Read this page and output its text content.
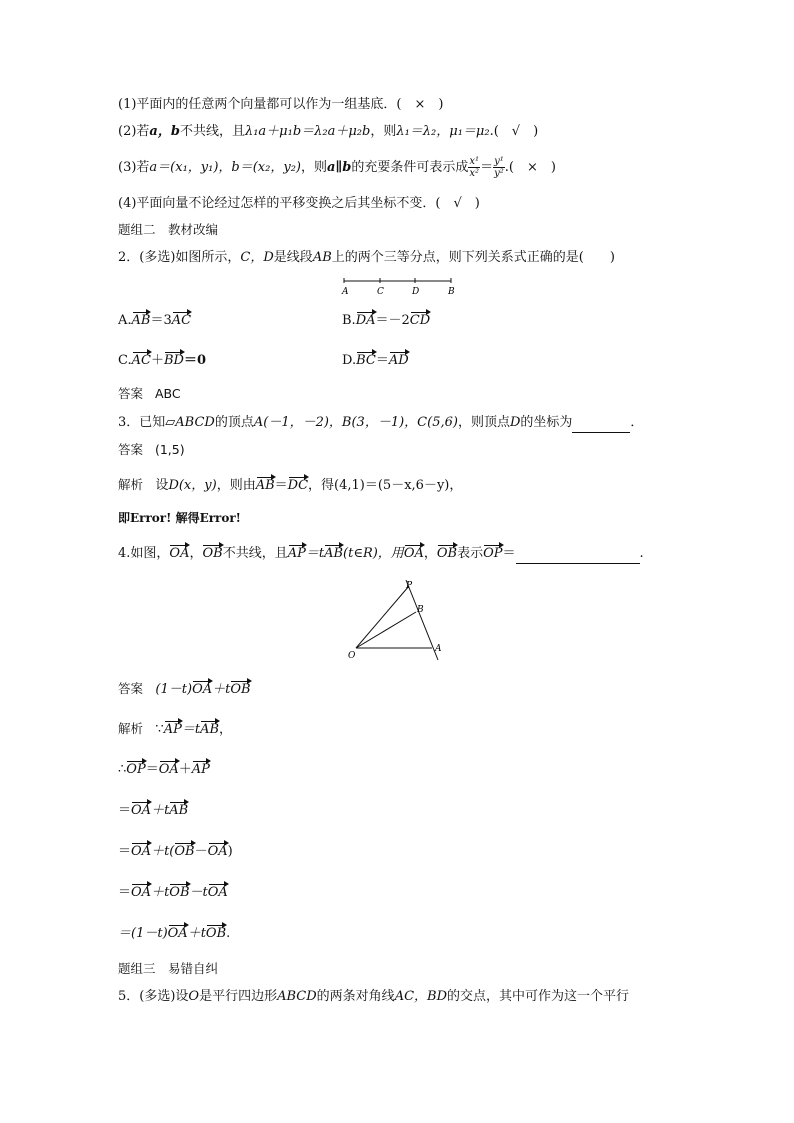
(1)平面内的任意两个向量都可以作为一组基底．(　×　)
(2)若a，b不共线，且λ₁a＋μ₁b＝λ₂a＋μ₂b，则λ₁＝λ₂，μ₁＝μ₂.(　√　)
(3)若a＝(x₁，y₁)，b＝(x₂，y₂)，则a∥b的充要条件可表示成 $\frac{\text{x¹}}{\text{x²}} = \frac{\text{y¹}}{\text{y²}}$ .(　×　)
(4)平面向量不论经过怎样的平移变换之后其坐标不变．(　√　)
题组二　教材改编
2．(多选)如图所示，C，D是线段AB上的两个三等分点，则下列关系式正确的是(　　)
A	C	D	B
A.AB＝3AC	B.DA＝－2CD
C.AC＋BD＝0	D.BC＝AD
答案 ABC
3．已知▱ABCD的顶点A(－1，－2)，B(3，－1)，C(5,6)，则顶点D的坐标为	．
答案 (1,5)
解析 设D(x，y)，则由AB＝DC，得(4,1)＝(5－x,6－y)，
即Error! 解得Error!
4.如图，OA，OB不共线，且AP＝tAB(t∈R)，用OA，OB表示OP＝	.
P
B
O
A
答案 (1－t)OA＋tOB
解析 ∵AP＝tAB，
∴OP＝OA＋AP
＝OA＋tAB
＝OA＋t(OB－OA)
＝OA＋tOB－tOA
＝(1－t)OA＋tOB.
题组三　易错自纠
5．(多选)设O是平行四边形ABCD的两条对角线AC，BD的交点，其中可作为这一个平行
